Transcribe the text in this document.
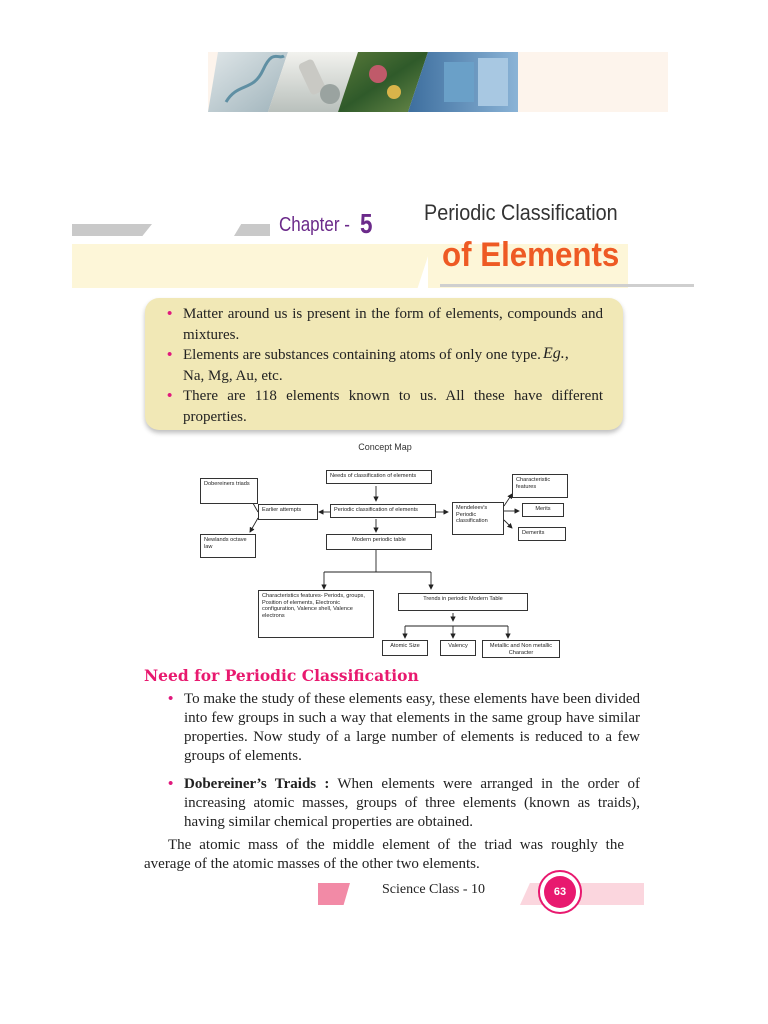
Chapter - 5 Periodic Classification
of Elements
• Matter around us is present in the form of elements, compounds and mixtures.
• Elements are substances containing atoms of only one type.
Na, Mg, Au, etc.
• There are 118 elements known to us. All these have different properties.
Eg.,
Concept Map
Needs of classification of elements
Dobereiners triads
Earlier attempts	Periodic classification of elements	Mendeleev's Periodic classification
Characteristic features
Merits
Demerits
Newlands octave law
Modern periodic table
Characteristics features- Periods, groups, Position of elements, Electronic configuration, Valence shell, Valence electrons
Trends in periodic Modern Table
Atomic Size	Valency	Metallic and Non metallic Character
Need for Periodic Classification
• To make the study of these elements easy, these elements have been divided into few groups in such a way that elements in the same group have similar properties. Now study of a large number of elements is reduced to a few groups of elements.
• Dobereiner’s Traids : When elements were arranged in the order of increasing atomic masses, groups of three elements (known as traids), having similar chemical properties are obtained.
The atomic mass of the middle element of the triad was roughly the average of the atomic masses of the other two elements.
Science Class - 10	63
